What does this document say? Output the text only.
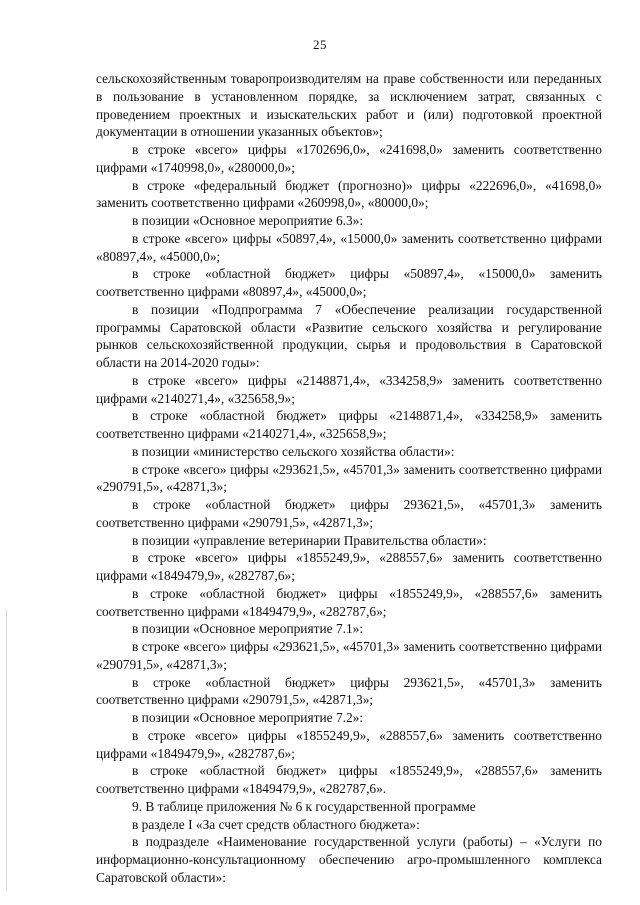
25

сельскохозяйственным товаропроизводителям на праве собственности или переданных в пользование в установленном порядке, за исключением затрат, связанных с проведением проектных и изыскательских работ и (или) подготовкой проектной документации в отношении указанных объектов»;

в строке «всего» цифры «1702696,0», «241698,0» заменить соответственно цифрами «1740998,0», «280000,0»;

в строке «федеральный бюджет (прогнозно)» цифры «222696,0», «41698,0» заменить соответственно цифрами «260998,0», «80000,0»;

в позиции «Основное мероприятие 6.3»:

в строке «всего» цифры «50897,4», «15000,0» заменить соответственно цифрами «80897,4», «45000,0»;

в строке «областной бюджет» цифры «50897,4», «15000,0» заменить соответственно цифрами «80897,4», «45000,0»;

в позиции «Подпрограмма 7 «Обеспечение реализации государственной программы Саратовской области «Развитие сельского хозяйства и регулирование рынков сельскохозяйственной продукции, сырья и продовольствия в Саратовской области на 2014-2020 годы»:

в строке «всего» цифры «2148871,4», «334258,9» заменить соответственно цифрами «2140271,4», «325658,9»;

в строке «областной бюджет» цифры «2148871,4», «334258,9» заменить соответственно цифрами «2140271,4», «325658,9»;

в позиции «министерство сельского хозяйства области»:

в строке «всего» цифры «293621,5», «45701,3» заменить соответственно цифрами «290791,5», «42871,3»;

в строке «областной бюджет» цифры 293621,5», «45701,3» заменить соответственно цифрами «290791,5», «42871,3»;

в позиции «управление ветеринарии Правительства области»:

в строке «всего» цифры «1855249,9», «288557,6» заменить соответственно цифрами «1849479,9», «282787,6»;

в строке «областной бюджет» цифры «1855249,9», «288557,6» заменить соответственно цифрами «1849479,9», «282787,6»;

в позиции «Основное мероприятие 7.1»:

в строке «всего» цифры «293621,5», «45701,3» заменить соответственно цифрами «290791,5», «42871,3»;

в строке «областной бюджет» цифры 293621,5», «45701,3» заменить соответственно цифрами «290791,5», «42871,3»;

в позиции «Основное мероприятие 7.2»:

в строке «всего» цифры «1855249,9», «288557,6» заменить соответственно цифрами «1849479,9», «282787,6»;

в строке «областной бюджет» цифры «1855249,9», «288557,6» заменить соответственно цифрами «1849479,9», «282787,6».

9. В таблице приложения № 6 к государственной программе

в разделе I «За счет средств областного бюджета»:

в подразделе «Наименование государственной услуги (работы) – «Услуги по информационно-консультационному обеспечению агро-промышленного комплекса Саратовской области»:
